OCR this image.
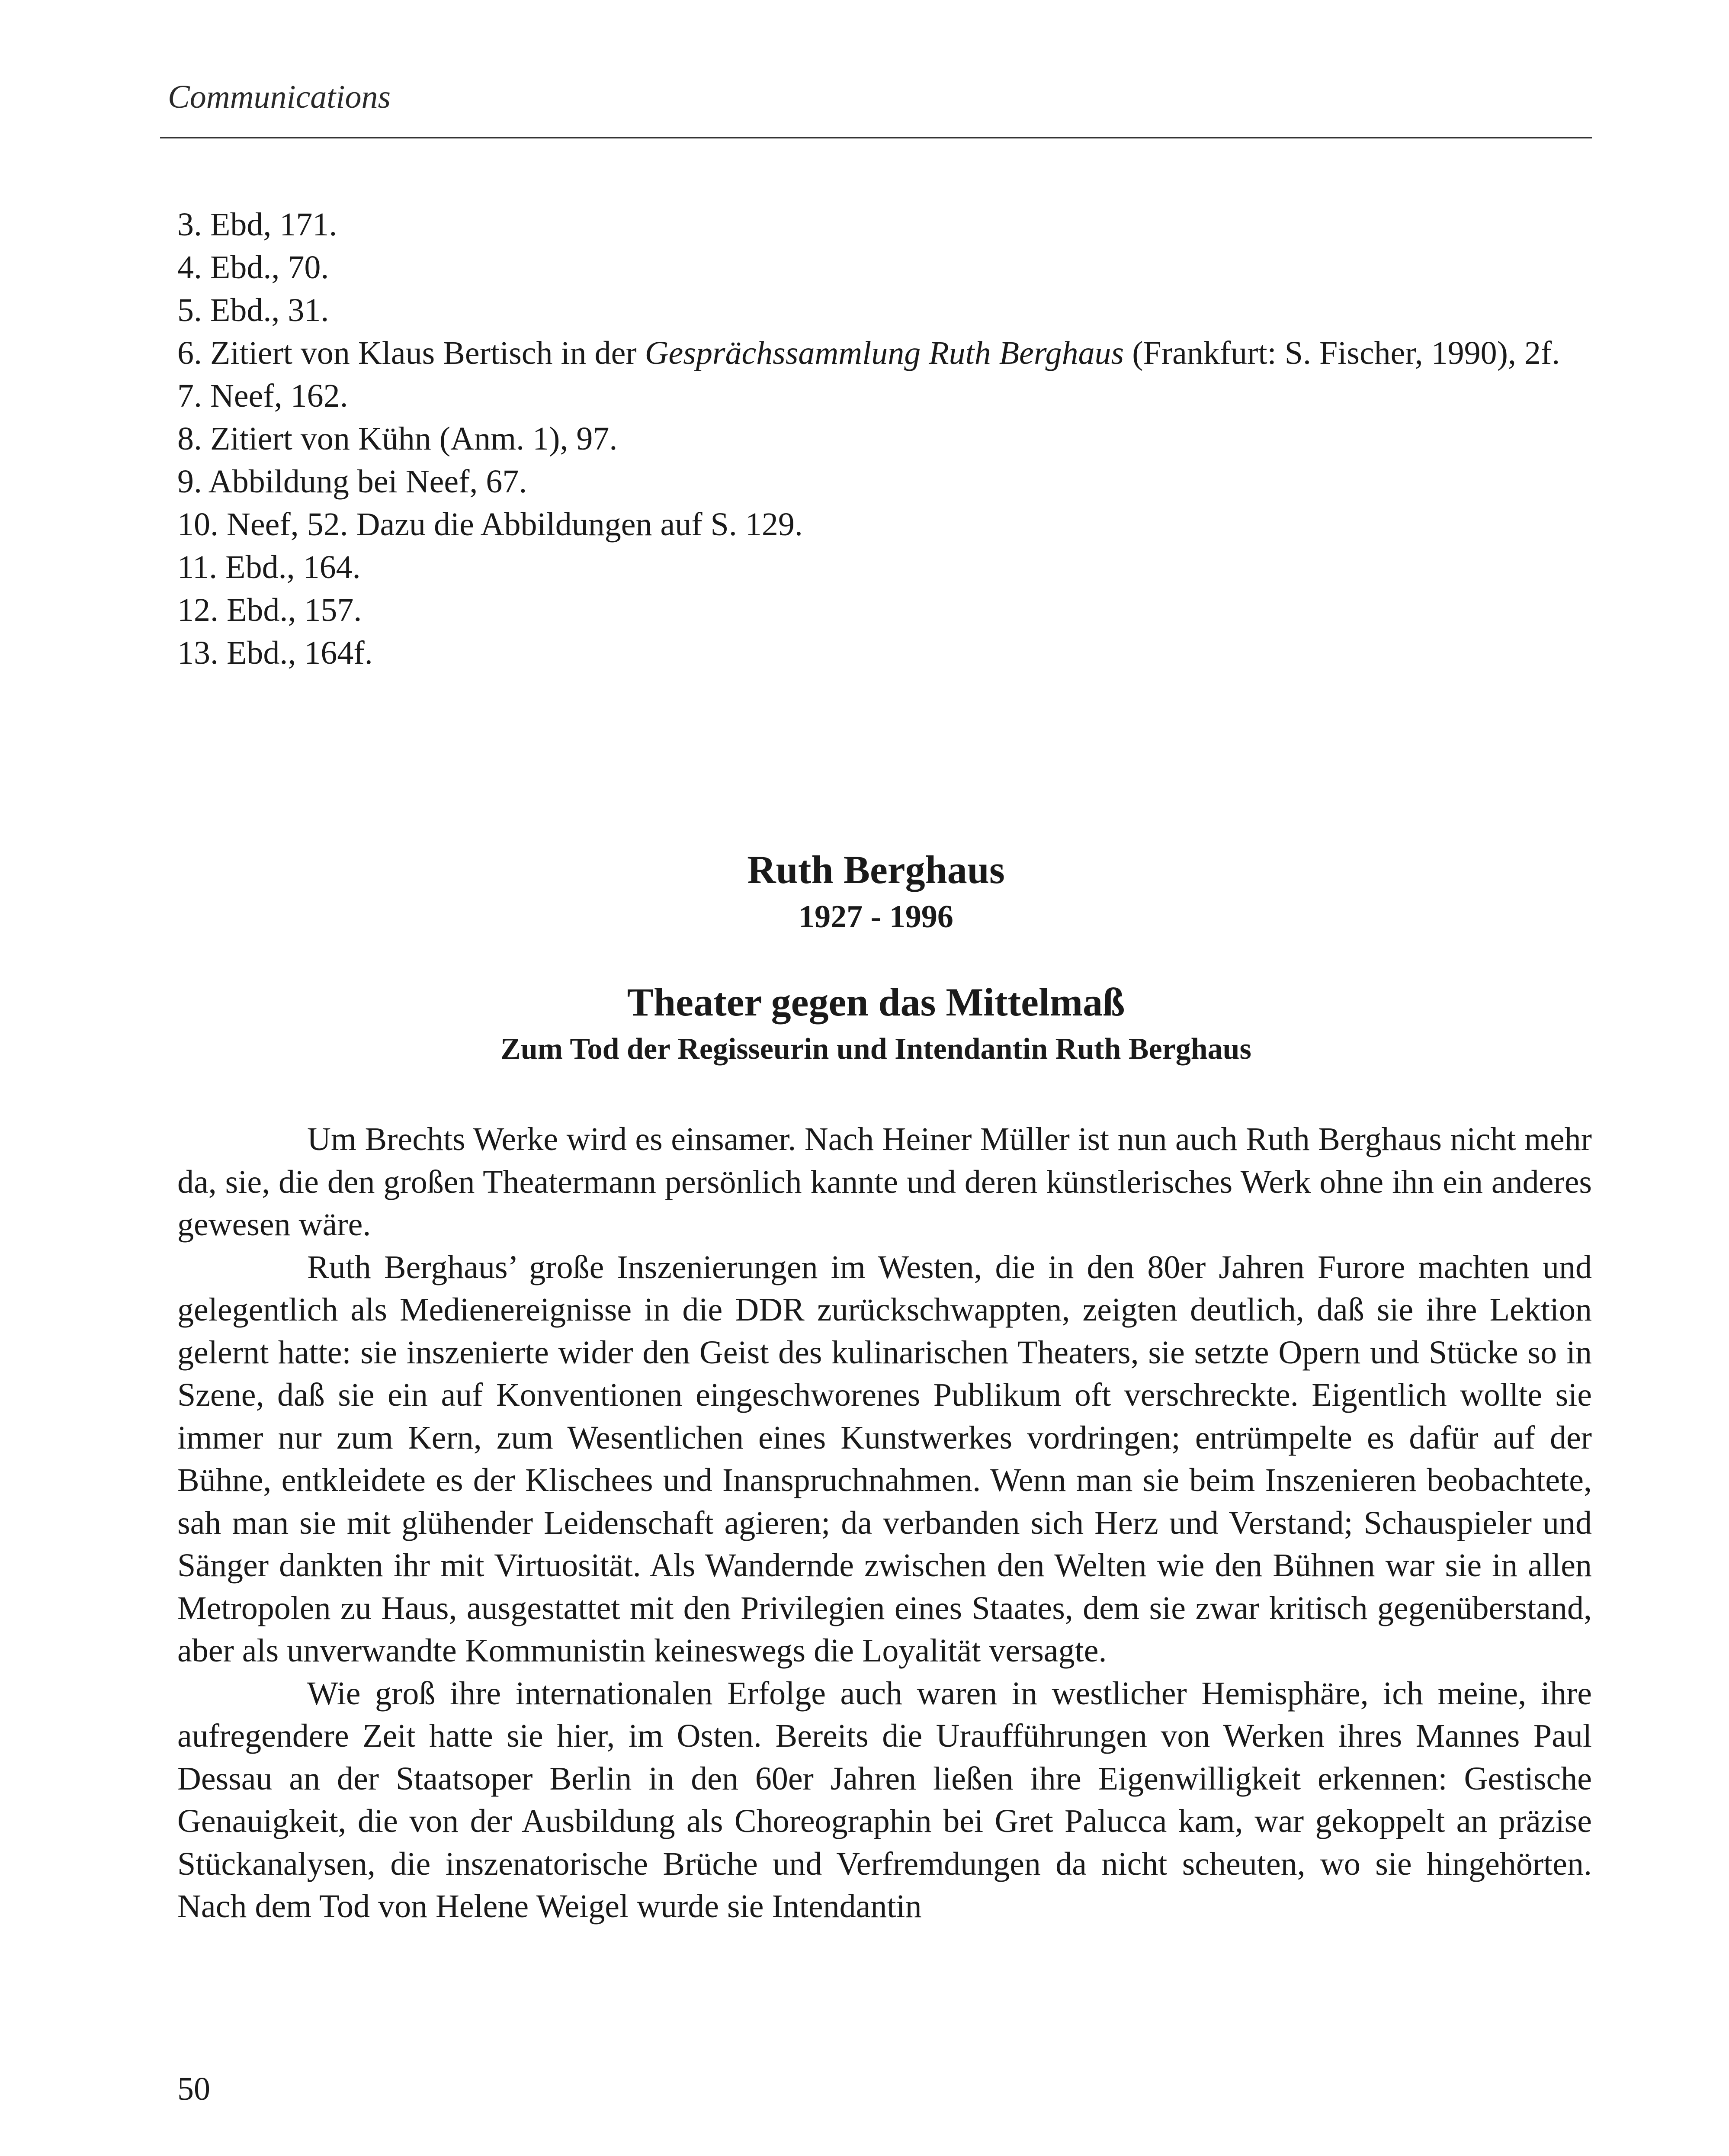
Communications
3. Ebd, 171.
4. Ebd., 70.
5. Ebd., 31.
6. Zitiert von Klaus Bertisch in der Gesprächssammlung Ruth Berghaus (Frankfurt: S. Fischer, 1990), 2f.
7. Neef, 162.
8. Zitiert von Kühn (Anm. 1), 97.
9. Abbildung bei Neef, 67.
10. Neef, 52. Dazu die Abbildungen auf S. 129.
11. Ebd., 164.
12. Ebd., 157.
13. Ebd., 164f.
Ruth Berghaus
1927 - 1996
Theater gegen das Mittelmaß
Zum Tod der Regisseurin und Intendantin Ruth Berghaus

Um Brechts Werke wird es einsamer. Nach Heiner Müller ist nun auch Ruth Berghaus nicht mehr da, sie, die den großen Theatermann persönlich kannte und deren künstlerisches Werk ohne ihn ein anderes gewesen wäre.

Ruth Berghaus’ große Inszenierungen im Westen, die in den 80er Jahren Furore machten und gelegentlich als Medienereignisse in die DDR zurückschwappten, zeigten deutlich, daß sie ihre Lektion gelernt hatte: sie inszenierte wider den Geist des kulinarischen Theaters, sie setzte Opern und Stücke so in Szene, daß sie ein auf Konventionen eingeschworenes Publikum oft verschreckte. Eigentlich wollte sie immer nur zum Kern, zum Wesentlichen eines Kunstwerkes vordringen; entrümpelte es dafür auf der Bühne, entkleidete es der Klischees und Inanspruchnahmen. Wenn man sie beim Inszenieren beobachtete, sah man sie mit glühender Leidenschaft agieren; da verbanden sich Herz und Verstand; Schauspieler und Sänger dankten ihr mit Virtuosität. Als Wandernde zwischen den Welten wie den Bühnen war sie in allen Metropolen zu Haus, ausgestattet mit den Privilegien eines Staates, dem sie zwar kritisch gegenüberstand, aber als unverwandte Kommunistin keineswegs die Loyalität versagte.

Wie groß ihre internationalen Erfolge auch waren in westlicher Hemisphäre, ich meine, ihre aufregendere Zeit hatte sie hier, im Osten. Bereits die Uraufführungen von Werken ihres Mannes Paul Dessau an der Staatsoper Berlin in den 60er Jahren ließen ihre Eigenwilligkeit erkennen: Gestische Genauigkeit, die von der Ausbildung als Choreographin bei Gret Palucca kam, war gekoppelt an präzise Stückanalysen, die inszenatorische Brüche und Verfremdungen da nicht scheuten, wo sie hingehörten. Nach dem Tod von Helene Weigel wurde sie Intendantin

50
